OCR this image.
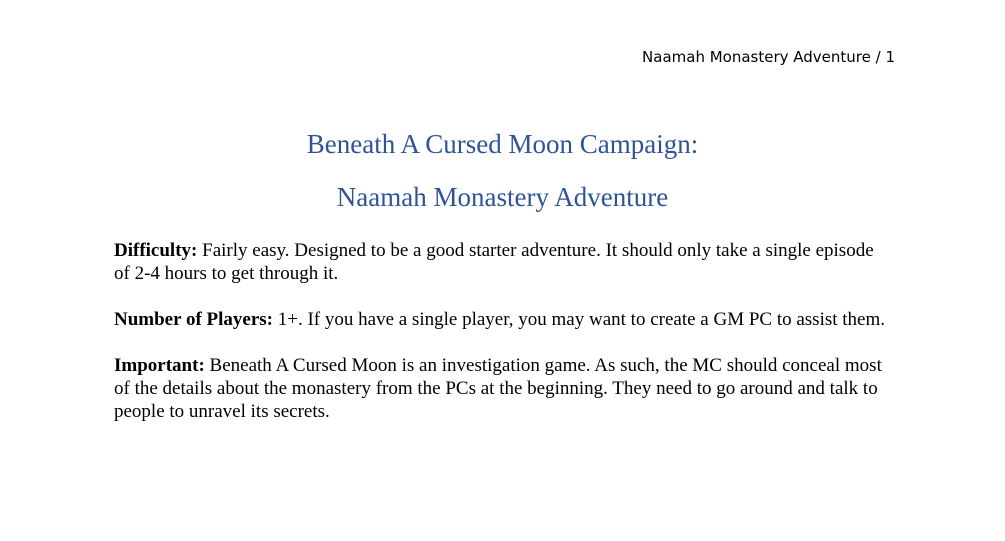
Naamah Monastery Adventure / 1
Beneath A Cursed Moon Campaign:
Naamah Monastery Adventure

Difficulty: Fairly easy. Designed to be a good starter adventure. It should only take a single episode of 2-4 hours to get through it.

Number of Players: 1+. If you have a single player, you may want to create a GM PC to assist them.

Important: Beneath A Cursed Moon is an investigation game. As such, the MC should conceal most of the details about the monastery from the PCs at the beginning. They need to go around and talk to people to unravel its secrets.
